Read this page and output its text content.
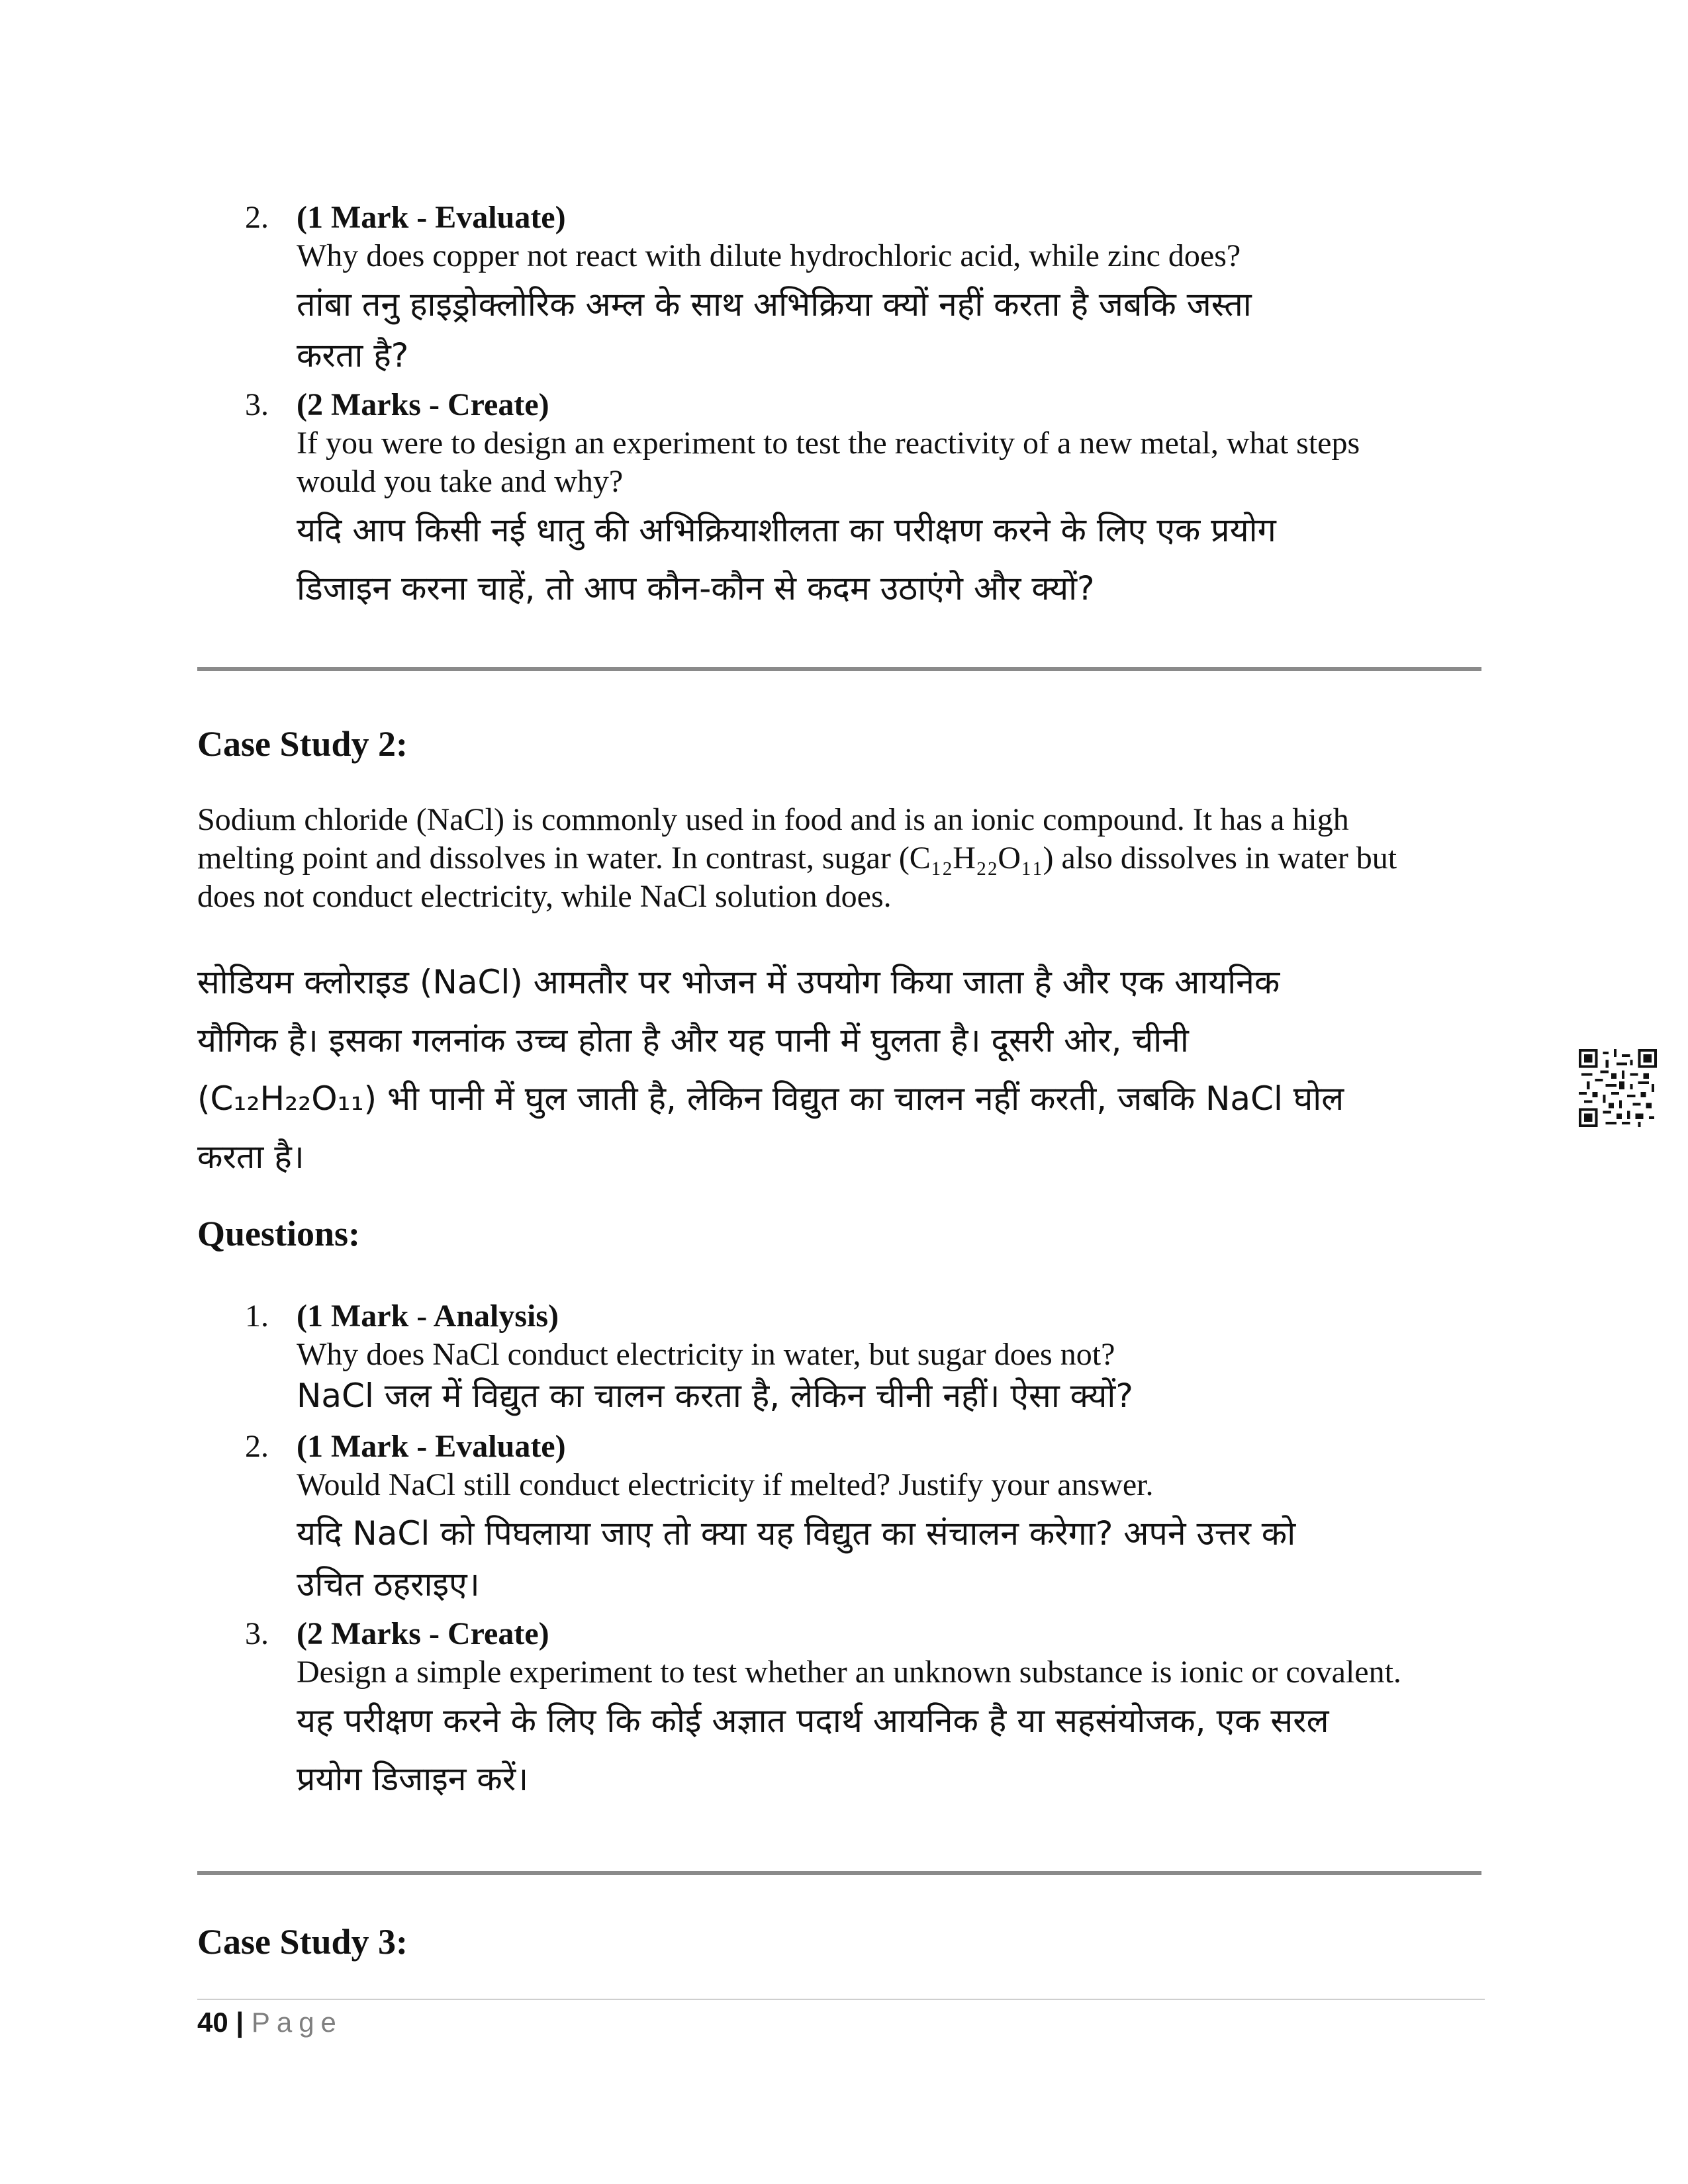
2. (1 Mark - Evaluate)
Why does copper not react with dilute hydrochloric acid, while zinc does?
तांबा तनु हाइड्रोक्लोरिक अम्ल के साथ अभिक्रिया क्यों नहीं करता है जबकि जस्ता
करता है?
3. (2 Marks - Create)
If you were to design an experiment to test the reactivity of a new metal, what steps
would you take and why?
यदि आप किसी नई धातु की अभिक्रियाशीलता का परीक्षण करने के लिए एक प्रयोग
डिजाइन करना चाहें, तो आप कौन-कौन से कदम उठाएंगे और क्यों?
Case Study 2:
Sodium chloride (NaCl) is commonly used in food and is an ionic compound. It has a high
melting point and dissolves in water. In contrast, sugar (C₁₂H₂₂O₁₁) also dissolves in water but
does not conduct electricity, while NaCl solution does.
सोडियम क्लोराइड (NaCl) आमतौर पर भोजन में उपयोग किया जाता है और एक आयनिक
यौगिक है। इसका गलनांक उच्च होता है और यह पानी में घुलता है। दूसरी ओर, चीनी
(C₁₂H₂₂O₁₁) भी पानी में घुल जाती है, लेकिन विद्युत का चालन नहीं करती, जबकि NaCl घोल
करता है।
Questions:
1. (1 Mark - Analysis)
Why does NaCl conduct electricity in water, but sugar does not?
NaCl जल में विद्युत का चालन करता है, लेकिन चीनी नहीं। ऐसा क्यों?
2. (1 Mark - Evaluate)
Would NaCl still conduct electricity if melted? Justify your answer.
यदि NaCl को पिघलाया जाए तो क्या यह विद्युत का संचालन करेगा? अपने उत्तर को
उचित ठहराइए।
3. (2 Marks - Create)
Design a simple experiment to test whether an unknown substance is ionic or covalent.
यह परीक्षण करने के लिए कि कोई अज्ञात पदार्थ आयनिक है या सहसंयोजक, एक सरल
प्रयोग डिजाइन करें।
Case Study 3:
40 | Page
